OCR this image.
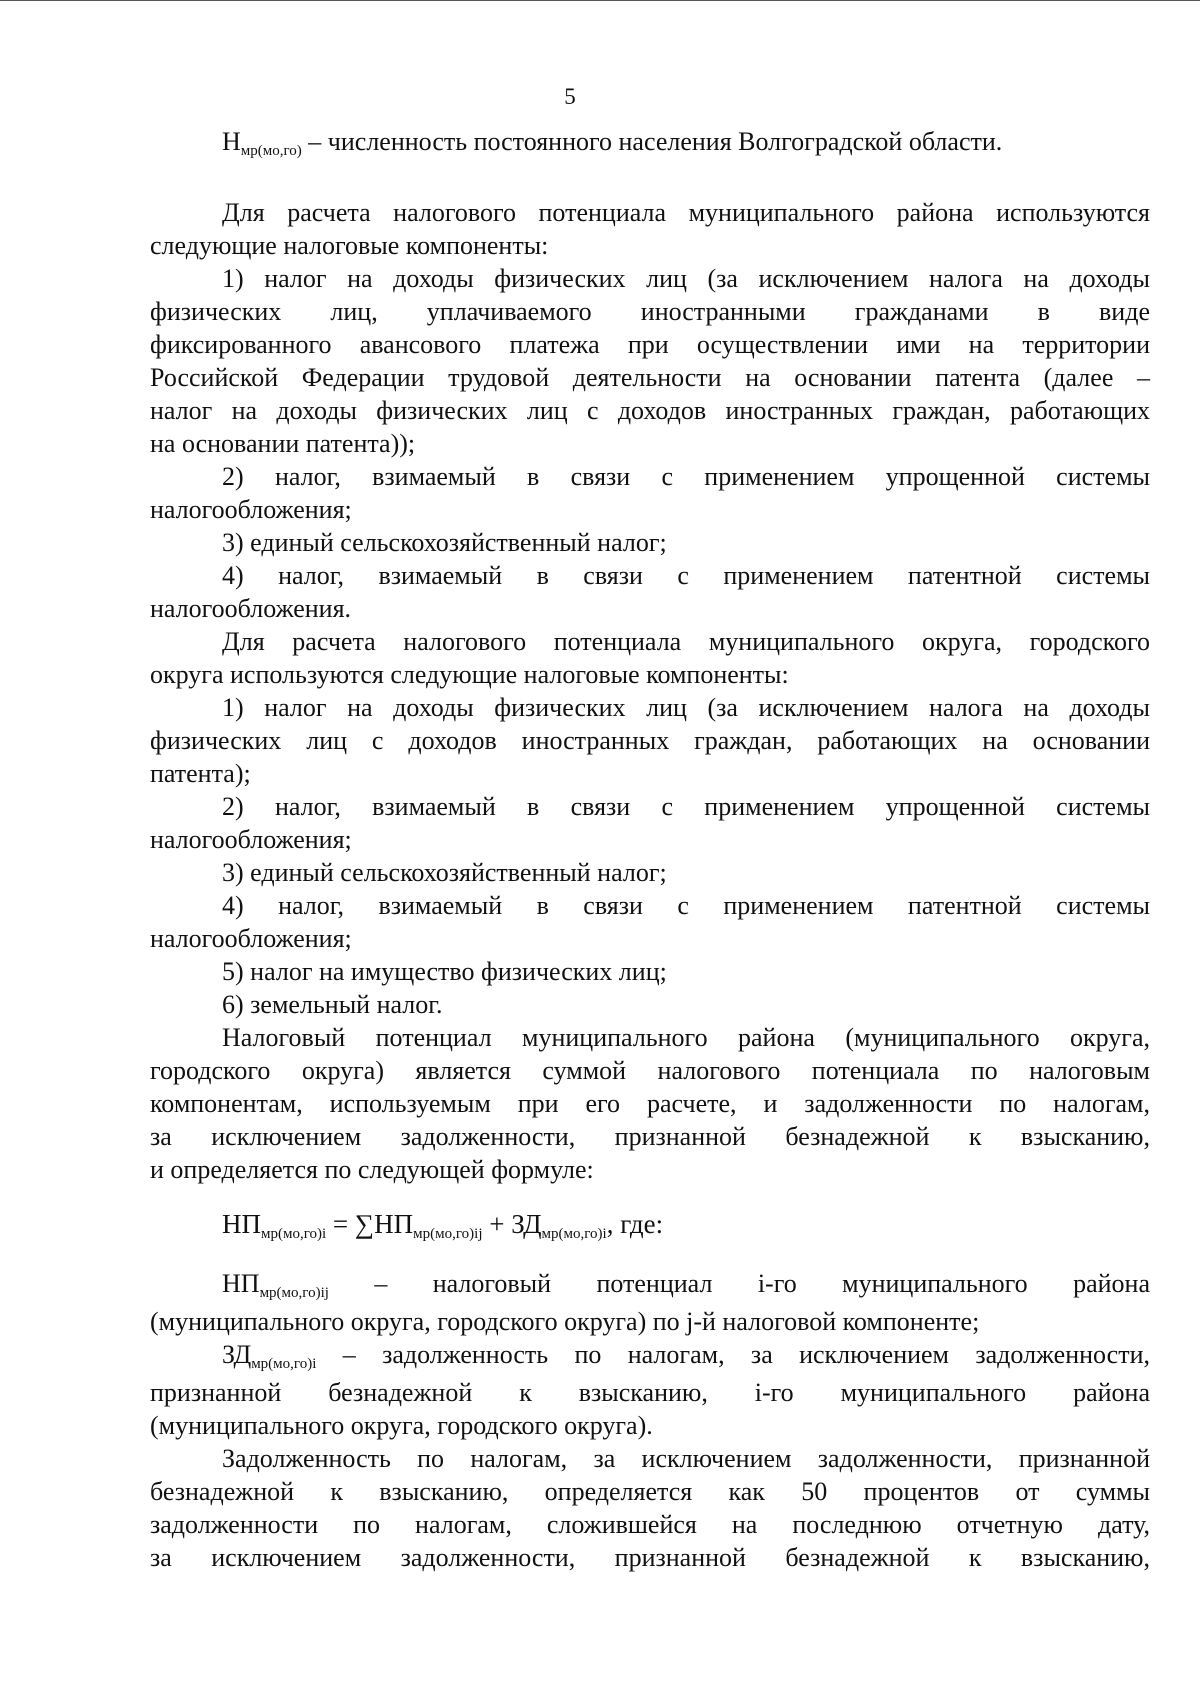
5
Нмр(мо,го) – численность постоянного населения Волгоградской области.
Для расчета налогового потенциала муниципального района используются
следующие налоговые компоненты:
1) налог на доходы физических лиц (за исключением налога на доходы
физических лиц, уплачиваемого иностранными гражданами в виде
фиксированного авансового платежа при осуществлении ими на территории
Российской Федерации трудовой деятельности на основании патента (далее –
налог на доходы физических лиц с доходов иностранных граждан, работающих
на основании патента));
2) налог, взимаемый в связи с применением упрощенной системы
налогообложения;
3) единый сельскохозяйственный налог;
4) налог, взимаемый в связи с применением патентной системы
налогообложения.
Для расчета налогового потенциала муниципального округа, городского
округа используются следующие налоговые компоненты:
1) налог на доходы физических лиц (за исключением налога на доходы
физических лиц с доходов иностранных граждан, работающих на основании
патента);
2) налог, взимаемый в связи с применением упрощенной системы
налогообложения;
3) единый сельскохозяйственный налог;
4) налог, взимаемый в связи с применением патентной системы
налогообложения;
5) налог на имущество физических лиц;
6) земельный налог.
Налоговый потенциал муниципального района (муниципального округа,
городского округа) является суммой налогового потенциала по налоговым
компонентам, используемым при его расчете, и задолженности по налогам,
за исключением задолженности, признанной безнадежной к взысканию,
и определяется по следующей формуле:
НПмр(мо,го)i = ∑НПмр(мо,го)ij + ЗДмр(мо,го)i, где:
НПмр(мо,го)ij – налоговый потенциал i-го муниципального района
(муниципального округа, городского округа) по j-й налоговой компоненте;
ЗДмр(мо,го)i – задолженность по налогам, за исключением задолженности,
признанной безнадежной к взысканию, i-го муниципального района
(муниципального округа, городского округа).
Задолженность по налогам, за исключением задолженности, признанной
безнадежной к взысканию, определяется как 50 процентов от суммы
задолженности по налогам, сложившейся на последнюю отчетную дату,
за исключением задолженности, признанной безнадежной к взысканию,
